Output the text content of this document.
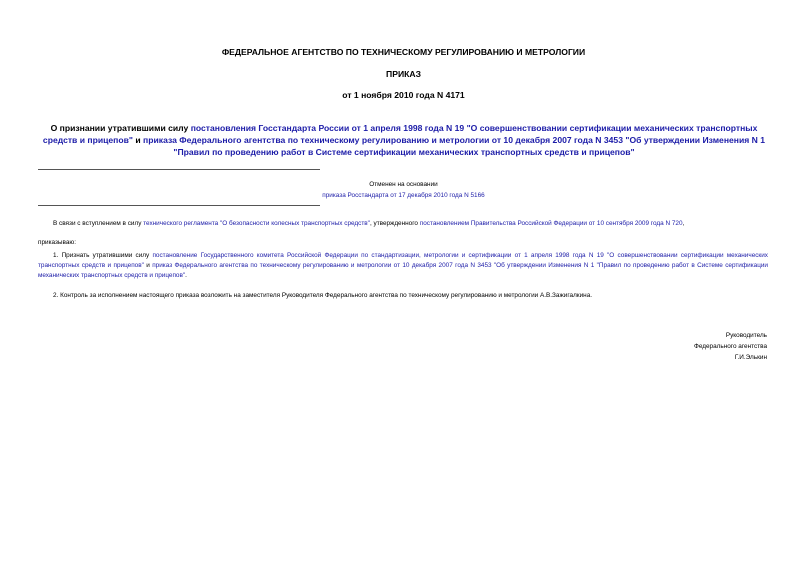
ФЕДЕРАЛЬНОЕ АГЕНТСТВО ПО ТЕХНИЧЕСКОМУ РЕГУЛИРОВАНИЮ И МЕТРОЛОГИИ
ПРИКАЗ
от 1 ноября 2010 года N 4171
О признании утратившими силу постановления Госстандарта России от 1 апреля 1998 года N 19 "О совершенствовании сертификации механических транспортных средств и прицепов" и приказа Федерального агентства по техническому регулированию и метрологии от 10 декабря 2007 года N 3453 "Об утверждении Изменения N 1 "Правил по проведению работ в Системе сертификации механических транспортных средств и прицепов"
Отменен на основании
приказа Росстандарта от 17 декабря 2010 года N 5166
В связи с вступлением в силу технического регламента "О безопасности колесных транспортных средств", утвержденного постановлением Правительства Российской Федерации от 10 сентября 2009 года N 720,
приказываю:
1. Признать утратившими силу постановление Государственного комитета Российской Федерации по стандартизации, метрологии и сертификации от 1 апреля 1998 года N 19 "О совершенствовании сертификации механических транспортных средств и прицепов" и приказ Федерального агентства по техническому регулированию и метрологии от 10 декабря 2007 года N 3453 "Об утверждении Изменения N 1 "Правил по проведению работ в Системе сертификации механических транспортных средств и прицепов".
2. Контроль за исполнением настоящего приказа возложить на заместителя Руководителя Федерального агентства по техническому регулированию и метрологии А.В.Зажигалкина.
Руководитель
Федерального агентства
Г.И.Элькин
